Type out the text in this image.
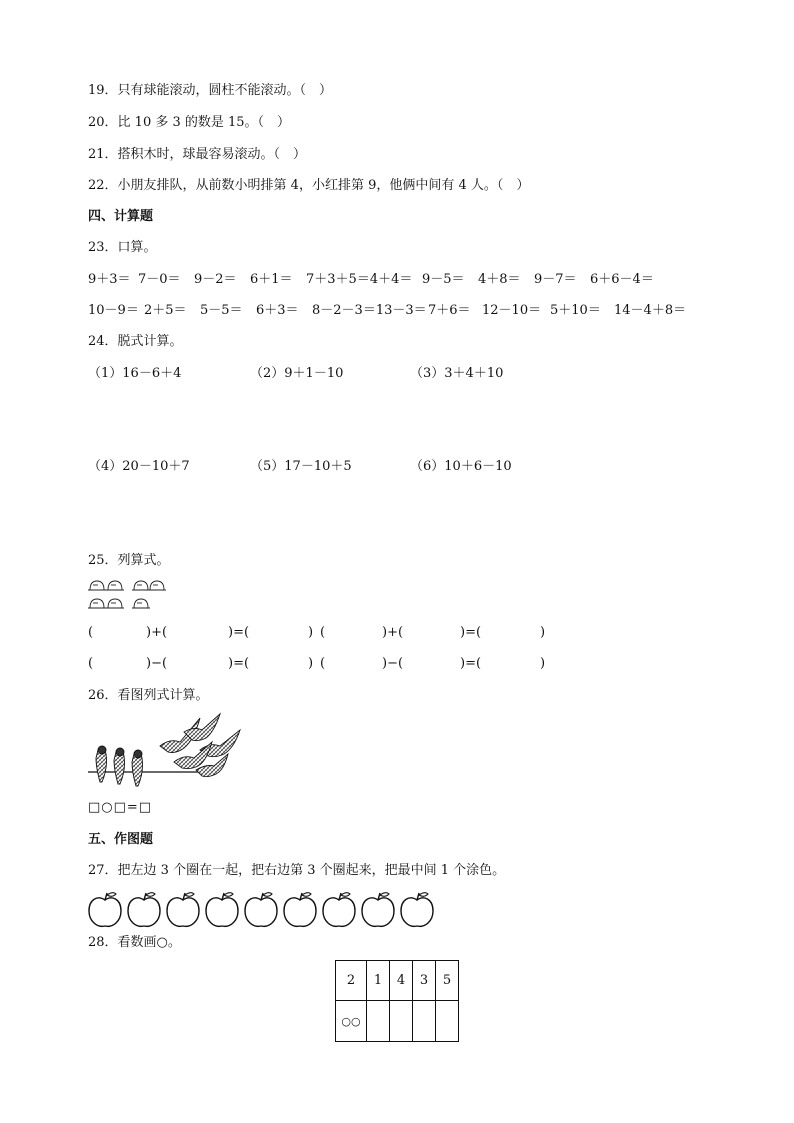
19．只有球能滚动，圆柱不能滚动。（　）
20．比 10 多 3 的数是 15。（　）
21．搭积木时，球最容易滚动。（　）
22．小朋友排队，从前数小明排第 4，小红排第 9，他俩中间有 4 人。（　）
四、计算题
23．口算。
9＋3＝ 7－0＝ 9－2＝ 6＋1＝ 7＋3＋5＝4＋4＝ 9－5＝ 4＋8＝ 9－7＝ 6＋6－4＝
10－9＝ 2＋5＝ 5－5＝ 6＋3＝ 8－2－3＝13－3＝ 7＋6＝ 12－10＝ 5＋10＝ 14－4＋8＝
24．脱式计算。
（1）16－6＋4	（2）9＋1－10	（3）3＋4＋10
（4）20－10＋7	（5）17－10＋5	（6）10＋6－10
25．列算式。
(	)+(	)=(	) (	)+(	)=(	)
(	)−(	)=(	) (	)−(	)=(	)
26．看图列式计算。
□○□=□
五、作图题
27．把左边 3 个圈在一起，把右边第 3 个圈起来，把最中间 1 个涂色。
28．看数画○。
2	1	4	3	5
○○				
